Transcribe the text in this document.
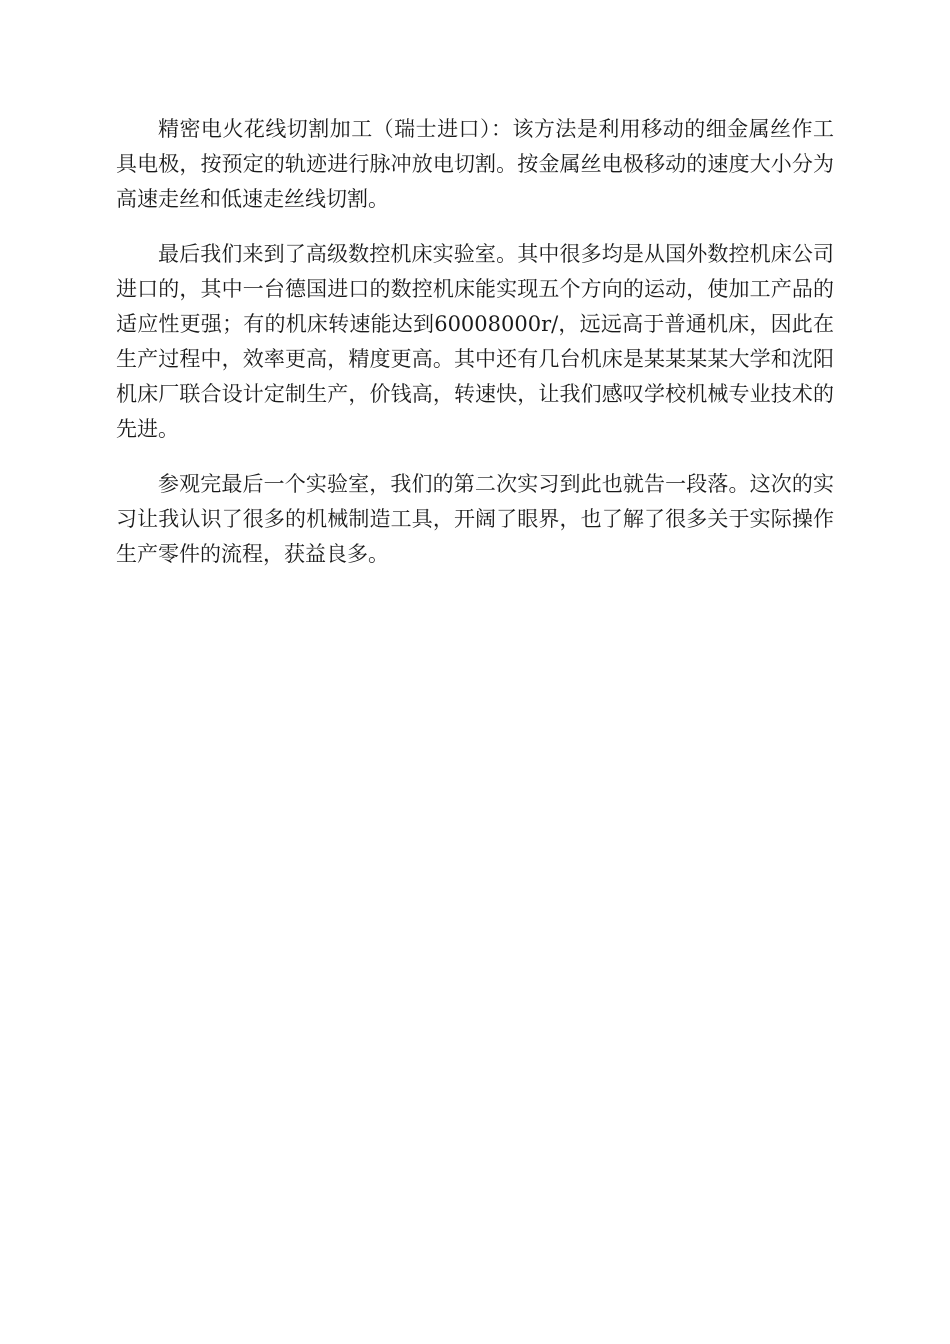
精密电火花线切割加工（瑞士进口）：该方法是利用移动的细金属丝作工具电极，按预定的轨迹进行脉冲放电切割。按金属丝电极移动的速度大小分为高速走丝和低速走丝线切割。

最后我们来到了高级数控机床实验室。其中很多均是从国外数控机床公司进口的，其中一台德国进口的数控机床能实现五个方向的运动，使加工产品的适应性更强；有的机床转速能达到60008000r/，远远高于普通机床，因此在生产过程中，效率更高，精度更高。其中还有几台机床是某某某某大学和沈阳机床厂联合设计定制生产，价钱高，转速快，让我们感叹学校机械专业技术的先进。

参观完最后一个实验室，我们的第二次实习到此也就告一段落。这次的实习让我认识了很多的机械制造工具，开阔了眼界，也了解了很多关于实际操作生产零件的流程，获益良多。
